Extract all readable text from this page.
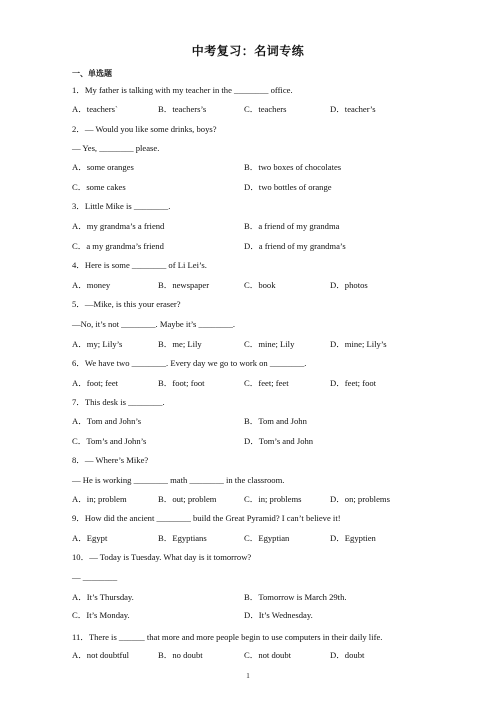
中考复习：名词专练
一、单选题
1．My father is talking with my teacher in the ________ office.
A．teachers`	B．teachers’s	C．teachers	D．teacher’s
2．— Would you like some drinks, boys?
— Yes, ________ please.
A．some oranges	B．two boxes of chocolates
C．some cakes	D．two bottles of orange
3．Little Mike is ________.
A．my grandma’s a friend	B．a friend of my grandma
C．a my grandma’s friend	D．a friend of my grandma’s
4．Here is some ________ of Li Lei’s.
A．money	B．newspaper	C．book	D．photos
5．—Mike, is this your eraser?
—No, it’s not ________. Maybe it’s ________.
A．my; Lily’s	B．me; Lily	C．mine; Lily	D．mine; Lily’s
6．We have two ________. Every day we go to work on ________.
A．foot; feet	B．foot; foot	C．feet; feet	D．feet; foot
7．This desk is ________.
A．Tom and John’s	B．Tom and John
C．Tom’s and John’s	D．Tom’s and John
8．— Where’s Mike?
— He is working ________ math ________ in the classroom.
A．in; problem	B．out; problem	C．in; problems	D．on; problems
9．How did the ancient ________ build the Great Pyramid? I can’t believe it!
A．Egypt	B．Egyptians	C．Egyptian	D．Egyptien
10．— Today is Tuesday. What day is it tomorrow?
— ________
A．It’s Thursday.	B．Tomorrow is March 29th.
C．It’s Monday.	D．It’s Wednesday.
11．There is ______ that more and more people begin to use computers in their daily life.
A．not doubtful	B．no doubt	C．not doubt	D．doubt
1
